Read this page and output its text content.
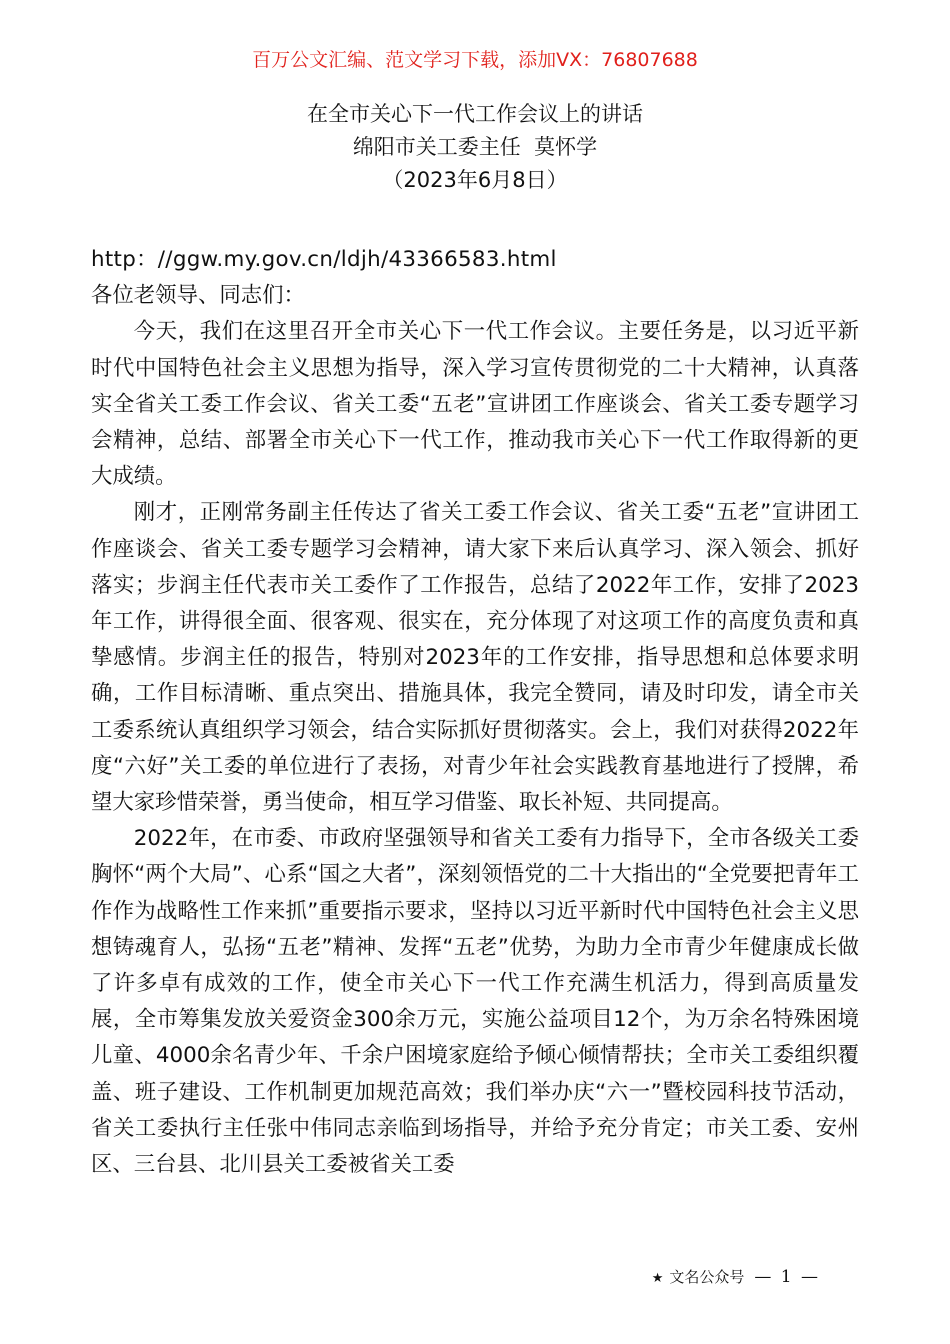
百万公文汇编、范文学习下载，添加VX：76807688
在全市关心下一代工作会议上的讲话
绵阳市关工委主任  莫怀学
（2023年6月8日）

http：//ggw.my.gov.cn/ldjh/43366583.html

各位老领导、同志们：

今天，我们在这里召开全市关心下一代工作会议。主要任务是，以习近平新时代中国特色社会主义思想为指导，深入学习宣传贯彻党的二十大精神，认真落实全省关工委工作会议、省关工委“五老”宣讲团工作座谈会、省关工委专题学习会精神，总结、部署全市关心下一代工作，推动我市关心下一代工作取得新的更大成绩。

刚才，正刚常务副主任传达了省关工委工作会议、省关工委“五老”宣讲团工作座谈会、省关工委专题学习会精神，请大家下来后认真学习、深入领会、抓好落实；步润主任代表市关工委作了工作报告，总结了2022年工作，安排了2023年工作，讲得很全面、很客观、很实在，充分体现了对这项工作的高度负责和真挚感情。步润主任的报告，特别对2023年的工作安排，指导思想和总体要求明确，工作目标清晰、重点突出、措施具体，我完全赞同，请及时印发，请全市关工委系统认真组织学习领会，结合实际抓好贯彻落实。会上，我们对获得2022年度“六好”关工委的单位进行了表扬，对青少年社会实践教育基地进行了授牌，希望大家珍惜荣誉，勇当使命，相互学习借鉴、取长补短、共同提高。

2022年，在市委、市政府坚强领导和省关工委有力指导下，全市各级关工委胸怀“两个大局”、心系“国之大者”，深刻领悟党的二十大指出的“全党要把青年工作作为战略性工作来抓”重要指示要求，坚持以习近平新时代中国特色社会主义思想铸魂育人，弘扬“五老”精神、发挥“五老”优势，为助力全市青少年健康成长做了许多卓有成效的工作，使全市关心下一代工作充满生机活力，得到高质量发展，全市筹集发放关爱资金300余万元，实施公益项目12个，为万余名特殊困境儿童、4000余名青少年、千余户困境家庭给予倾心倾情帮扶；全市关工委组织覆盖、班子建设、工作机制更加规范高效；我们举办庆“六一”暨校园科技节活动，省关工委执行主任张中伟同志亲临到场指导，并给予充分肯定；市关工委、安州区、三台县、北川县关工委被省关工委

★ 文名公众号 — 1 —
